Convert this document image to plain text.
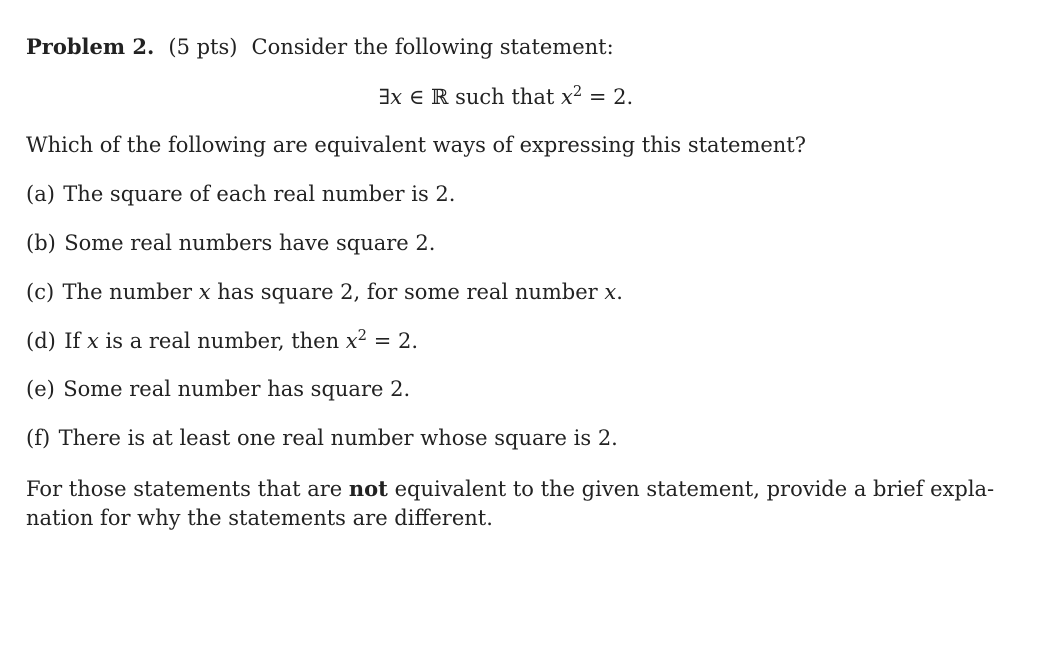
Problem 2. (5 pts) Consider the following statement:
∃x ∈ ℝ such that $x^2 = 2$.
Which of the following are equivalent ways of expressing this statement?
(a) The square of each real number is 2.
(b) Some real numbers have square 2.
(c) The number x has square 2, for some real number x.
(d) If x is a real number, then $x^2 = 2$.
(e) Some real number has square 2.
(f) There is at least one real number whose square is 2.
For those statements that are not equivalent to the given statement, provide a brief expla- nation for why the statements are different.
